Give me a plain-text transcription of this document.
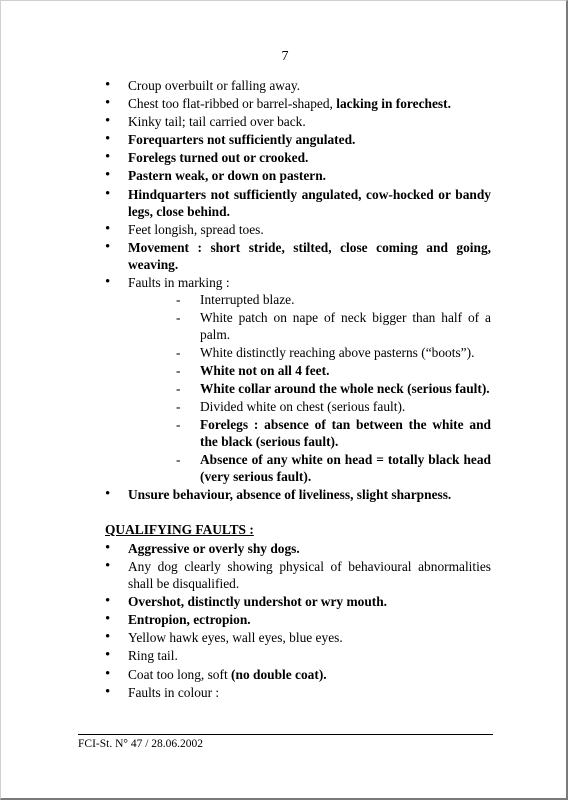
7
• Croup overbuilt or falling away.
• Chest too flat-ribbed or barrel-shaped, lacking in forechest.
• Kinky tail; tail carried over back.
• Forequarters not sufficiently angulated.
• Forelegs turned out or crooked.
• Pastern weak, or down on pastern.
• Hindquarters not sufficiently angulated, cow-hocked or bandy legs, close behind.
• Feet longish, spread toes.
• Movement : short stride, stilted, close coming and going, weaving.
• Faults in marking :
- Interrupted blaze.
- White patch on nape of neck bigger than half of a palm.
- White distinctly reaching above pasterns (“boots”).
- White not on all 4 feet.
- White collar around the whole neck (serious fault).
- Divided white on chest (serious fault).
- Forelegs : absence of tan between the white and the black (serious fault).
- Absence of any white on head = totally black head (very serious fault).
• Unsure behaviour, absence of liveliness, slight sharpness.
QUALIFYING FAULTS :
• Aggressive or overly shy dogs.
• Any dog clearly showing physical of behavioural abnormalities shall be disqualified.
• Overshot, distinctly undershot or wry mouth.
• Entropion, ectropion.
• Yellow hawk eyes, wall eyes, blue eyes.
• Ring tail.
• Coat too long, soft (no double coat).
• Faults in colour :
FCI-St. N° 47 / 28.06.2002
